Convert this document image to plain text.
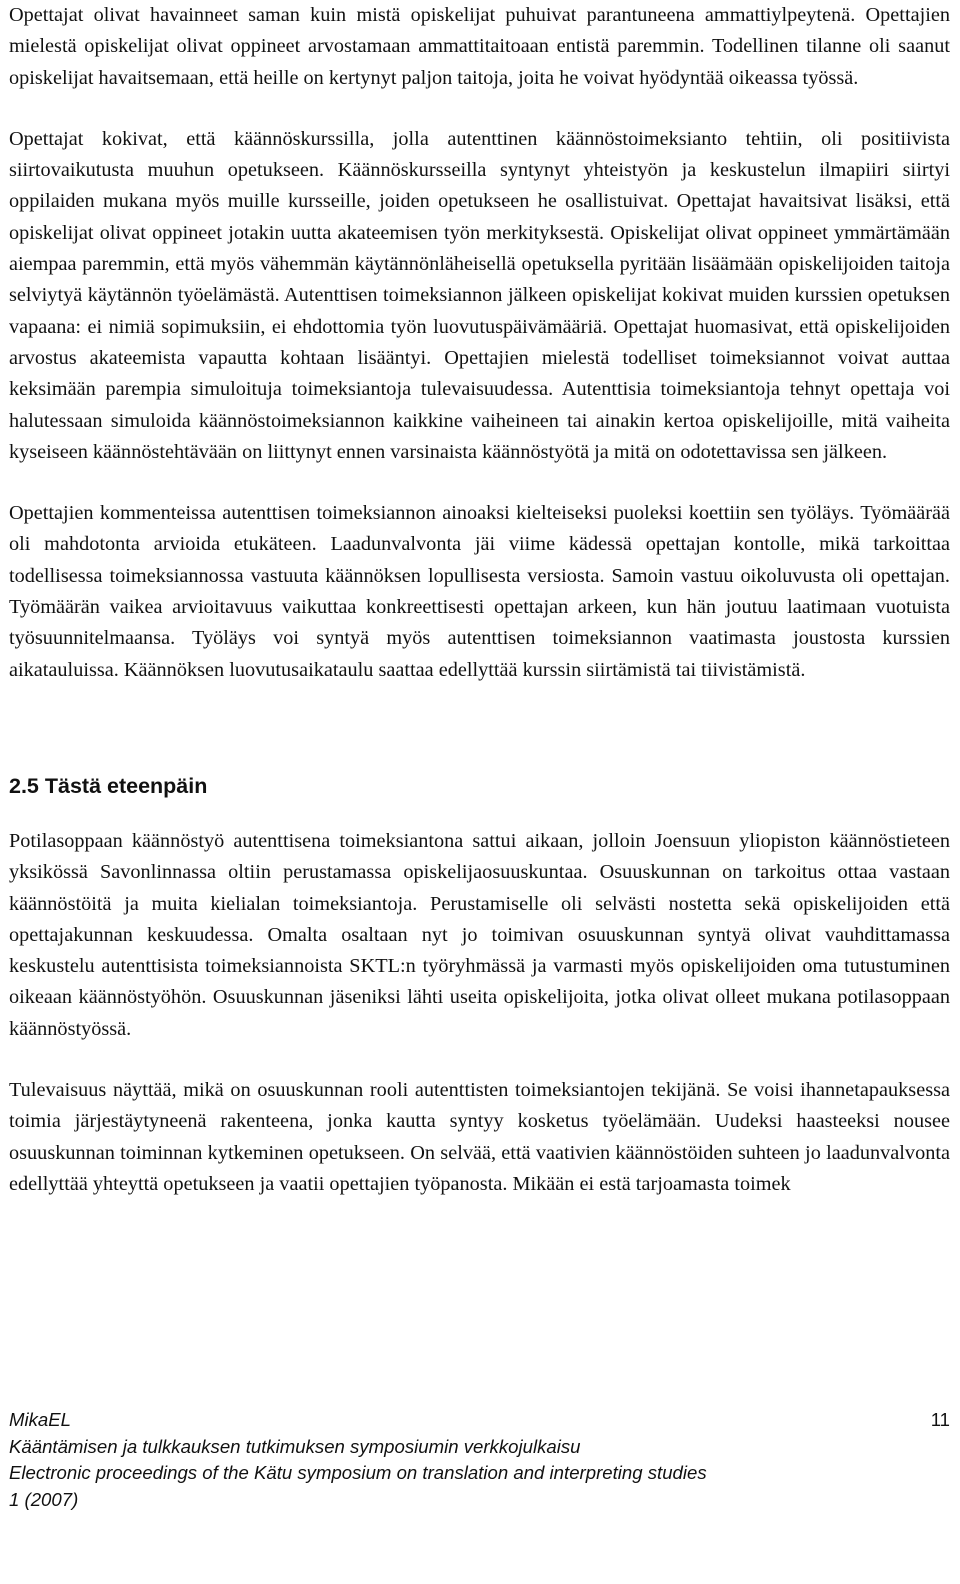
Opettajat olivat havainneet saman kuin mistä opiskelijat puhuivat parantuneena ammattiylpeytenä. Opettajien mielestä opiskelijat olivat oppineet arvostamaan ammattitaitoaan entistä paremmin. Todellinen tilanne oli saanut opiskelijat havaitsemaan, että heille on kertynyt paljon taitoja, joita he voivat hyödyntää oikeassa työssä.

Opettajat kokivat, että käännöskurssilla, jolla autenttinen käännöstoimeksianto tehtiin, oli positiivista siirtovaikutusta muuhun opetukseen. Käännöskursseilla syntynyt yhteistyön ja keskustelun ilmapiiri siirtyi oppilaiden mukana myös muille kursseille, joiden opetukseen he osallistuivat. Opettajat havaitsivat lisäksi, että opiskelijat olivat oppineet jotakin uutta akateemisen työn merkityksestä. Opiskelijat olivat oppineet ymmärtämään aiempaa paremmin, että myös vähemmän käytännönläheisellä opetuksella pyritään lisäämään opiskelijoiden taitoja selviytyä käytännön työelämästä. Autenttisen toimeksiannon jälkeen opiskelijat kokivat muiden kurssien opetuksen vapaana: ei nimiä sopimuksiin, ei ehdottomia työn luovutuspäivämääriä. Opettajat huomasivat, että opiskelijoiden arvostus akateemista vapautta kohtaan lisääntyi. Opettajien mielestä todelliset toimeksiannot voivat auttaa keksimään parempia simuloituja toimeksiantoja tulevaisuudessa. Autenttisia toimeksiantoja tehnyt opettaja voi halutessaan simuloida käännöstoimeksiannon kaikkine vaiheineen tai ainakin kertoa opiskelijoille, mitä vaiheita kyseiseen käännöstehtävään on liittynyt ennen varsinaista käännöstyötä ja mitä on odotettavissa sen jälkeen.

Opettajien kommenteissa autenttisen toimeksiannon ainoaksi kielteiseksi puoleksi koettiin sen työläys. Työmäärää oli mahdotonta arvioida etukäteen. Laadunvalvonta jäi viime kädessä opettajan kontolle, mikä tarkoittaa todellisessa toimeksiannossa vastuuta käännöksen lopullisesta versiosta. Samoin vastuu oikoluvusta oli opettajan. Työmäärän vaikea arvioitavuus vaikuttaa konkreettisesti opettajan arkeen, kun hän joutuu laatimaan vuotuista työsuunnitelmaansa. Työläys voi syntyä myös autenttisen toimeksiannon vaatimasta joustosta kurssien aikatauluissa. Käännöksen luovutusaikataulu saattaa edellyttää kurssin siirtämistä tai tiivistämistä.

2.5 Tästä eteenpäin

Potilasoppaan käännöstyö autenttisena toimeksiantona sattui aikaan, jolloin Joensuun yliopiston käännöstieteen yksikössä Savonlinnassa oltiin perustamassa opiskelijaosuuskuntaa. Osuuskunnan on tarkoitus ottaa vastaan käännöstöitä ja muita kielialan toimeksiantoja. Perustamiselle oli selvästi nostetta sekä opiskelijoiden että opettajakunnan keskuudessa. Omalta osaltaan nyt jo toimivan osuuskunnan syntyä olivat vauhdittamassa keskustelu autenttisista toimeksiannoista SKTL:n työryhmässä ja varmasti myös opiskelijoiden oma tutustuminen oikeaan käännöstyöhön. Osuuskunnan jäseniksi lähti useita opiskelijoita, jotka olivat olleet mukana potilasoppaan käännöstyössä.

Tulevaisuus näyttää, mikä on osuuskunnan rooli autenttisten toimeksiantojen tekijänä. Se voisi ihannetapauksessa toimia järjestäytyneenä rakenteena, jonka kautta syntyy kosketus työelämään. Uudeksi haasteeksi nousee osuuskunnan toiminnan kytkeminen opetukseen. On selvää, että vaativien käännöstöiden suhteen jo laadunvalvonta edellyttää yhteyttä opetukseen ja vaatii opettajien työpanosta. Mikään ei estä tarjoamasta toimek

MikaEL	11
Kääntämisen ja tulkkauksen tutkimuksen symposiumin verkkojulkaisu
Electronic proceedings of the Kätu symposium on translation and interpreting studies
1 (2007)
